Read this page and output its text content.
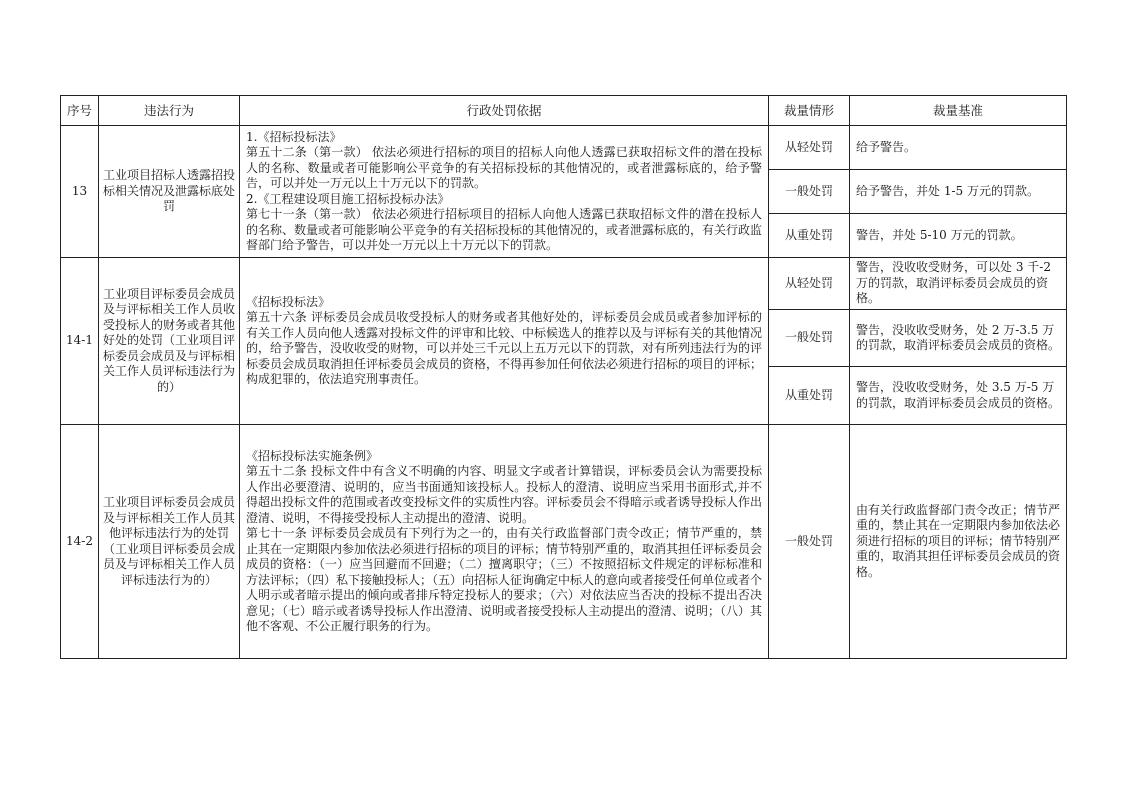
序号	违法行为	行政处罚依据	裁量情形	裁量基准
13	工业项目招标人透露招投标相关情况及泄露标底处罚	1.《招标投标法》

第五十二条（第一款） 依法必须进行招标的项目的招标人向他人透露已获取招标文件的潜在投标人的名称、数量或者可能影响公平竞争的有关招标投标的其他情况的，或者泄露标底的，给予警告，可以并处一万元以上十万元以下的罚款。

2.《工程建设项目施工招标投标办法》

第七十一条（第一款） 依法必须进行招标项目的招标人向他人透露已获取招标文件的潜在投标人的名称、数量或者可能影响公平竞争的有关招标投标的其他情况的，或者泄露标底的，有关行政监督部门给予警告，可以并处一万元以上十万元以下的罚款。	从轻处罚	给予警告。
			一般处罚	给予警告，并处 1-5 万元的罚款。
			从重处罚	警告，并处 5-10 万元的罚款。
14-1	工业项目评标委员会成员及与评标相关工作人员收受投标人的财务或者其他好处的处罚（工业项目评标委员会成员及与评标相关工作人员评标违法行为的）	《招标投标法》

第五十六条 评标委员会成员收受投标人的财务或者其他好处的，评标委员会成员或者参加评标的有关工作人员向他人透露对投标文件的评审和比较、中标候选人的推荐以及与评标有关的其他情况的，给予警告，没收收受的财物，可以并处三千元以上五万元以下的罚款，对有所列违法行为的评标委员会成员取消担任评标委员会成员的资格，不得再参加任何依法必须进行招标的项目的评标；构成犯罪的，依法追究刑事责任。	从轻处罚	警告，没收收受财务，可以处 3 千-2 万的罚款，取消评标委员会成员的资格。
			一般处罚	警告，没收收受财务，处 2 万-3.5 万的罚款，取消评标委员会成员的资格。
			从重处罚	警告，没收收受财务，处 3.5 万-5 万的罚款，取消评标委员会成员的资格。
14-2	工业项目评标委员会成员及与评标相关工作人员其他评标违法行为的处罚（工业项目评标委员会成员及与评标相关工作人员评标违法行为的）	《招标投标法实施条例》

第五十二条 投标文件中有含义不明确的内容、明显文字或者计算错误，评标委员会认为需要投标人作出必要澄清、说明的，应当书面通知该投标人。投标人的澄清、说明应当采用书面形式,并不得超出投标文件的范围或者改变投标文件的实质性内容。评标委员会不得暗示或者诱导投标人作出澄清、说明，不得接受投标人主动提出的澄清、说明。

第七十一条 评标委员会成员有下列行为之一的，由有关行政监督部门责令改正；情节严重的，禁止其在一定期限内参加依法必须进行招标的项目的评标；情节特别严重的，取消其担任评标委员会成员的资格：（一）应当回避而不回避；（二）擅离职守；（三）不按照招标文件规定的评标标准和方法评标；（四）私下接触投标人；（五）向招标人征询确定中标人的意向或者接受任何单位或者个人明示或者暗示提出的倾向或者排斥特定投标人的要求；（六）对依法应当否决的投标不提出否决意见；（七）暗示或者诱导投标人作出澄清、说明或者接受投标人主动提出的澄清、说明；（八）其他不客观、不公正履行职务的行为。	一般处罚	由有关行政监督部门责令改正；情节严重的，禁止其在一定期限内参加依法必须进行招标的项目的评标；情节特别严重的，取消其担任评标委员会成员的资格。
